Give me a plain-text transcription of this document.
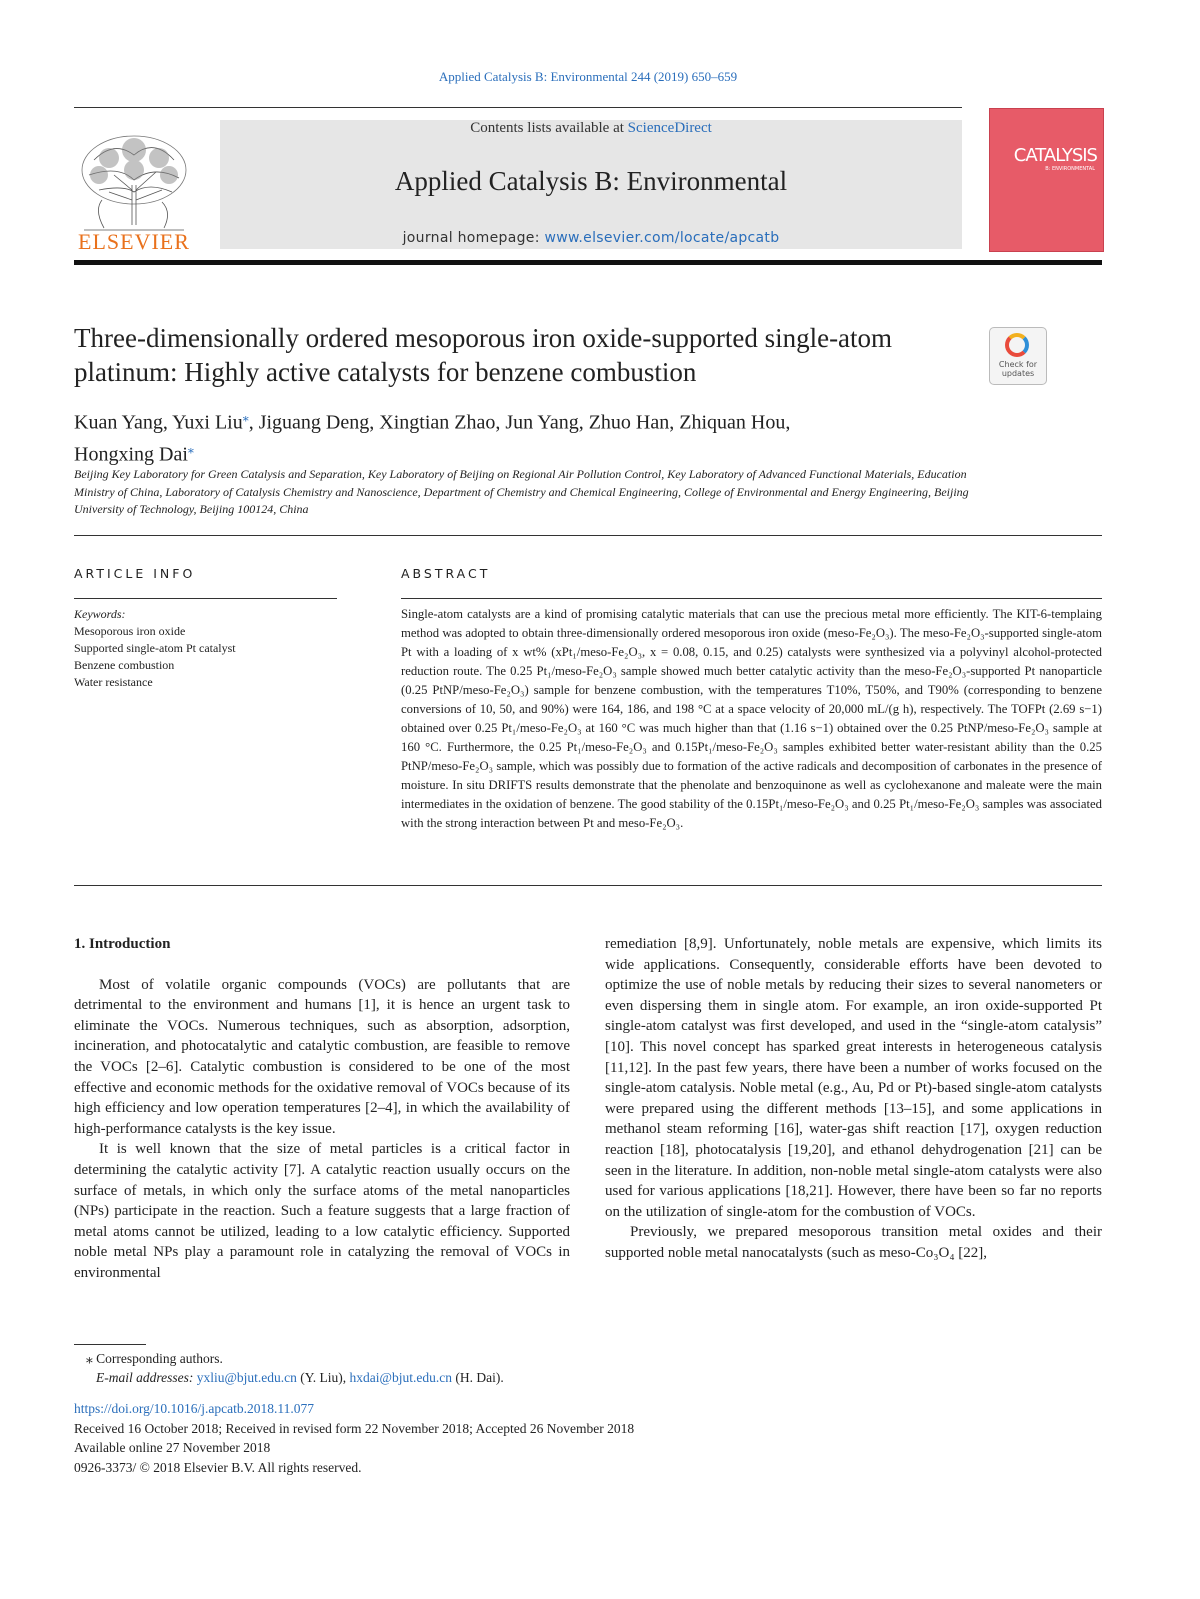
Applied Catalysis B: Environmental 244 (2019) 650–659
ELSEVIER
Contents lists available at ScienceDirect
Applied Catalysis B: Environmental
journal homepage: www.elsevier.com/locate/apcatb
CATALYSIS
B: ENVIRONMENTAL
Three-dimensionally ordered mesoporous iron oxide-supported single-atom platinum: Highly active catalysts for benzene combustion	Check for
updates
Kuan Yang, Yuxi Liu⁎, Jiguang Deng, Xingtian Zhao, Jun Yang, Zhuo Han, Zhiquan Hou,
Hongxing Dai⁎
Beijing Key Laboratory for Green Catalysis and Separation, Key Laboratory of Beijing on Regional Air Pollution Control, Key Laboratory of Advanced Functional Materials, Education Ministry of China, Laboratory of Catalysis Chemistry and Nanoscience, Department of Chemistry and Chemical Engineering, College of Environmental and Energy Engineering, Beijing University of Technology, Beijing 100124, China
ARTICLE INFO	ABSTRACT
Keywords:
Mesoporous iron oxide
Supported single-atom Pt catalyst
Benzene combustion
Water resistance
Single-atom catalysts are a kind of promising catalytic materials that can use the precious metal more efficiently. The KIT-6-templaing method was adopted to obtain three-dimensionally ordered mesoporous iron oxide (meso-Fe₂O₃). The meso-Fe₂O₃-supported single-atom Pt with a loading of x wt% (xPt₁/meso-Fe₂O₃, x = 0.08, 0.15, and 0.25) catalysts were synthesized via a polyvinyl alcohol-protected reduction route. The 0.25 Pt₁/meso-Fe₂O₃ sample showed much better catalytic activity than the meso-Fe₂O₃-supported Pt nanoparticle (0.25 PtNP/meso-Fe₂O₃) sample for benzene combustion, with the temperatures T10%, T50%, and T90% (corresponding to benzene conversions of 10, 50, and 90%) were 164, 186, and 198 °C at a space velocity of 20,000 mL/(g h), respectively. The TOFPt (2.69 s−1) obtained over 0.25 Pt₁/meso-Fe₂O₃ at 160 °C was much higher than that (1.16 s−1) obtained over the 0.25 PtNP/meso-Fe₂O₃ sample at 160 °C. Furthermore, the 0.25 Pt₁/meso-Fe₂O₃ and 0.15Pt₁/meso-Fe₂O₃ samples exhibited better water-resistant ability than the 0.25 PtNP/meso-Fe₂O₃ sample, which was possibly due to formation of the active radicals and decomposition of carbonates in the presence of moisture. In situ DRIFTS results demonstrate that the phenolate and benzoquinone as well as cyclohexanone and maleate were the main intermediates in the oxidation of benzene. The good stability of the 0.15Pt₁/meso-Fe₂O₃ and 0.25 Pt₁/meso-Fe₂O₃ samples was associated with the strong interaction between Pt and meso-Fe₂O₃.
1. Introduction

Most of volatile organic compounds (VOCs) are pollutants that are detrimental to the environment and humans [1], it is hence an urgent task to eliminate the VOCs. Numerous techniques, such as absorption, adsorption, incineration, and photocatalytic and catalytic combustion, are feasible to remove the VOCs [2–6]. Catalytic combustion is considered to be one of the most effective and economic methods for the oxidative removal of VOCs because of its high efficiency and low operation temperatures [2–4], in which the availability of high-performance catalysts is the key issue.

It is well known that the size of metal particles is a critical factor in determining the catalytic activity [7]. A catalytic reaction usually occurs on the surface of metals, in which only the surface atoms of the metal nanoparticles (NPs) participate in the reaction. Such a feature suggests that a large fraction of metal atoms cannot be utilized, leading to a low catalytic efficiency. Supported noble metal NPs play a paramount role in catalyzing the removal of VOCs in environmental

remediation [8,9]. Unfortunately, noble metals are expensive, which limits its wide applications. Consequently, considerable efforts have been devoted to optimize the use of noble metals by reducing their sizes to several nanometers or even dispersing them in single atom. For example, an iron oxide-supported Pt single-atom catalyst was first developed, and used in the “single-atom catalysis” [10]. This novel concept has sparked great interests in heterogeneous catalysis [11,12]. In the past few years, there have been a number of works focused on the single-atom catalysis. Noble metal (e.g., Au, Pd or Pt)-based single-atom catalysts were prepared using the different methods [13–15], and some applications in methanol steam reforming [16], water-gas shift reaction [17], oxygen reduction reaction [18], photocatalysis [19,20], and ethanol dehydrogenation [21] can be seen in the literature. In addition, non-noble metal single-atom catalysts were also used for various applications [18,21]. However, there have been so far no reports on the utilization of single-atom for the combustion of VOCs.

Previously, we prepared mesoporous transition metal oxides and their supported noble metal nanocatalysts (such as meso-Co₃O₄ [22],

⁎ Corresponding authors.
E-mail addresses: yxliu@bjut.edu.cn (Y. Liu), hxdai@bjut.edu.cn (H. Dai).
https://doi.org/10.1016/j.apcatb.2018.11.077
Received 16 October 2018; Received in revised form 22 November 2018; Accepted 26 November 2018
Available online 27 November 2018
0926-3373/ © 2018 Elsevier B.V. All rights reserved.
